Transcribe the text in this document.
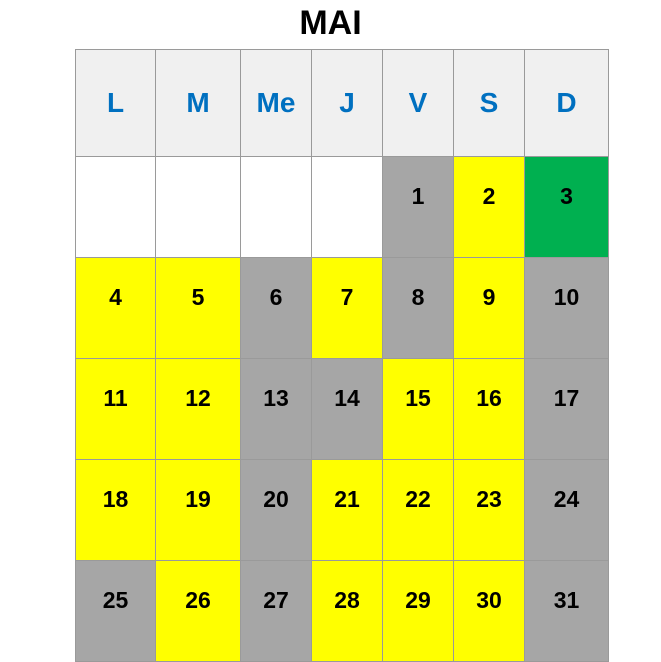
MAI
L	M	Me	J	V	S	D
				1	2	3
4	5	6	7	8	9	10
11	12	13	14	15	16	17
18	19	20	21	22	23	24
25	26	27	28	29	30	31
